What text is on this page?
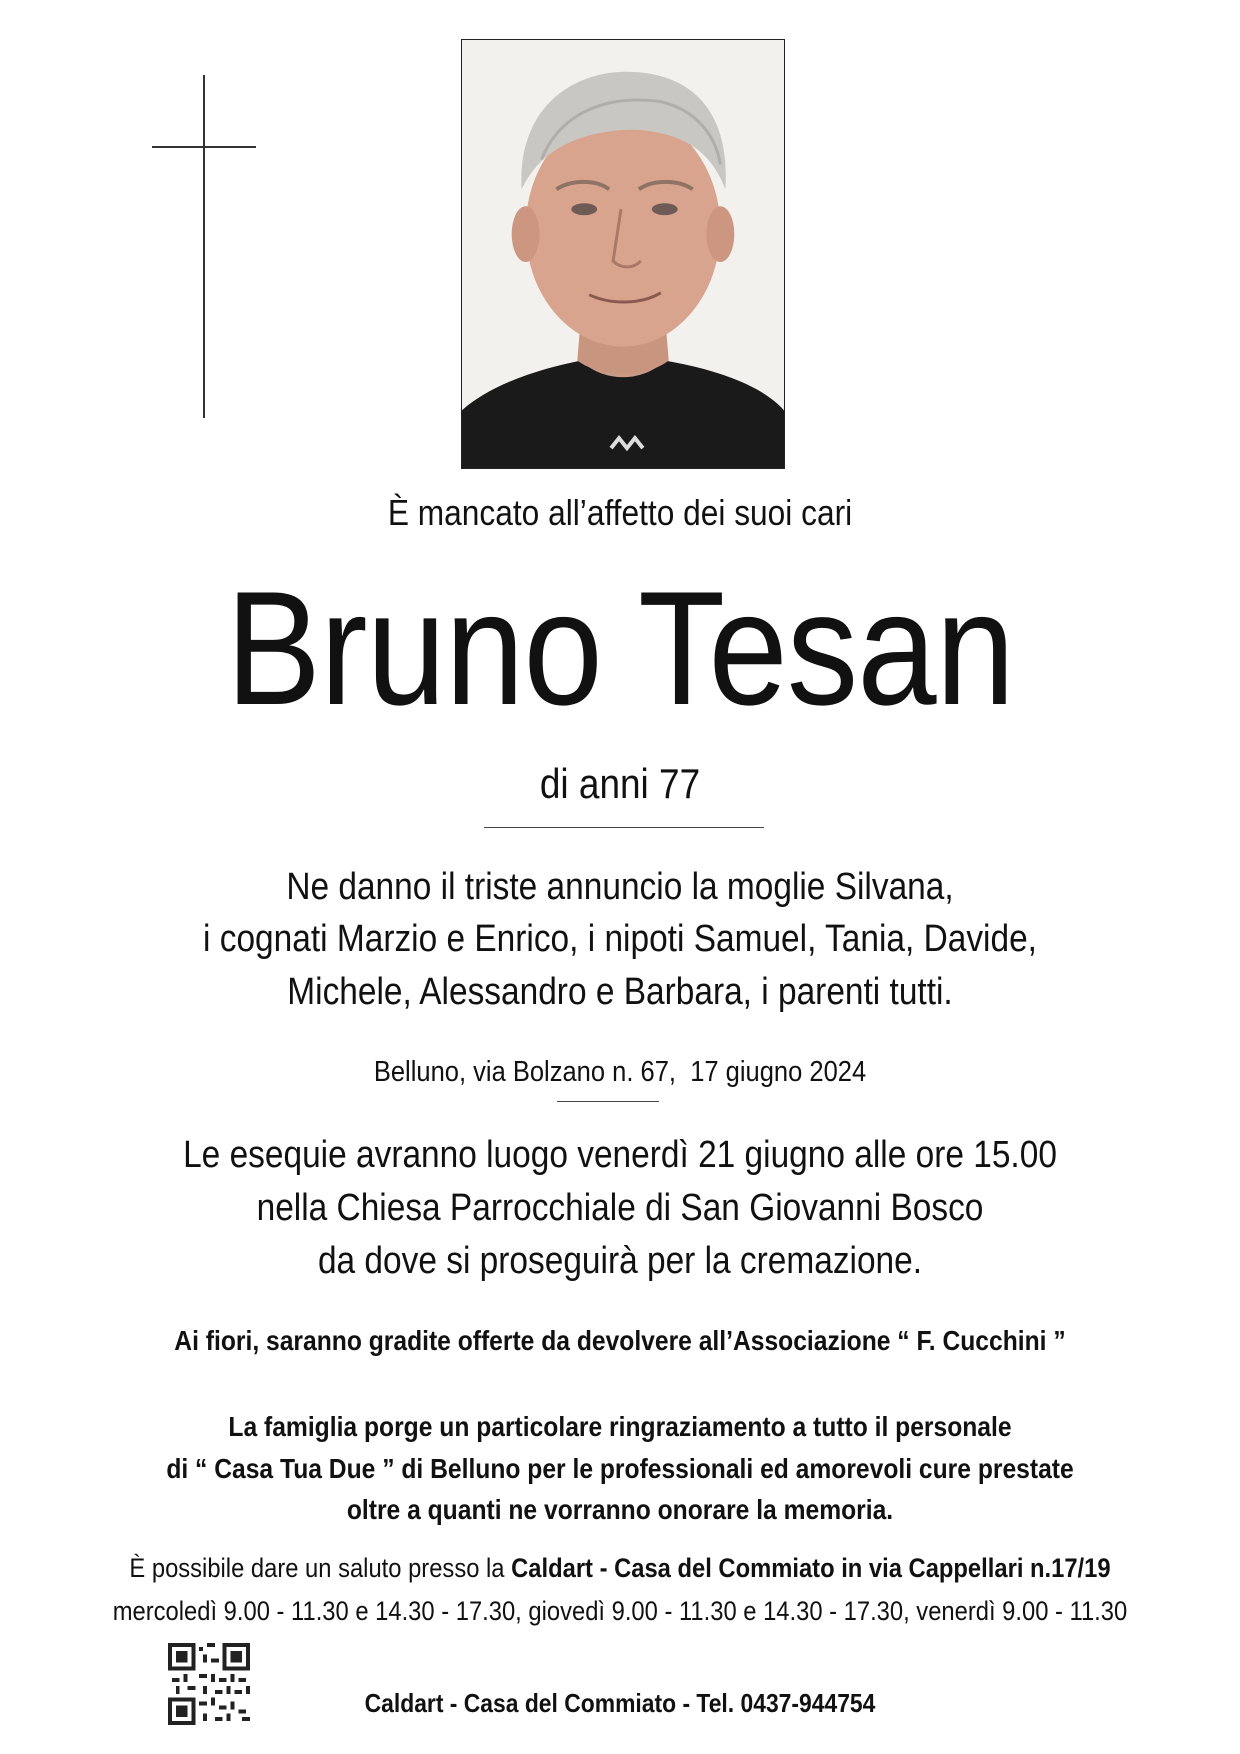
È mancato all’affetto dei suoi cari
Bruno Tesan
di anni 77
Ne danno il triste annuncio la moglie Silvana,
i cognati Marzio e Enrico, i nipoti Samuel, Tania, Davide,
Michele, Alessandro e Barbara, i parenti tutti.
Belluno, via Bolzano n. 67,  17 giugno 2024
Le esequie avranno luogo venerdì 21 giugno alle ore 15.00
nella Chiesa Parrocchiale di San Giovanni Bosco
da dove si proseguirà per la cremazione.
Ai fiori, saranno gradite offerte da devolvere all’Associazione “ F. Cucchini ”
La famiglia porge un particolare ringraziamento a tutto il personale
di “ Casa Tua Due ” di Belluno per le professionali ed amorevoli cure prestate
oltre a quanti ne vorranno onorare la memoria.
È possibile dare un saluto presso la Caldart - Casa del Commiato in via Cappellari n.17/19
mercoledì 9.00 - 11.30 e 14.30 - 17.30, giovedì 9.00 - 11.30 e 14.30 - 17.30, venerdì 9.00 - 11.30
Caldart - Casa del Commiato - Tel. 0437-944754
